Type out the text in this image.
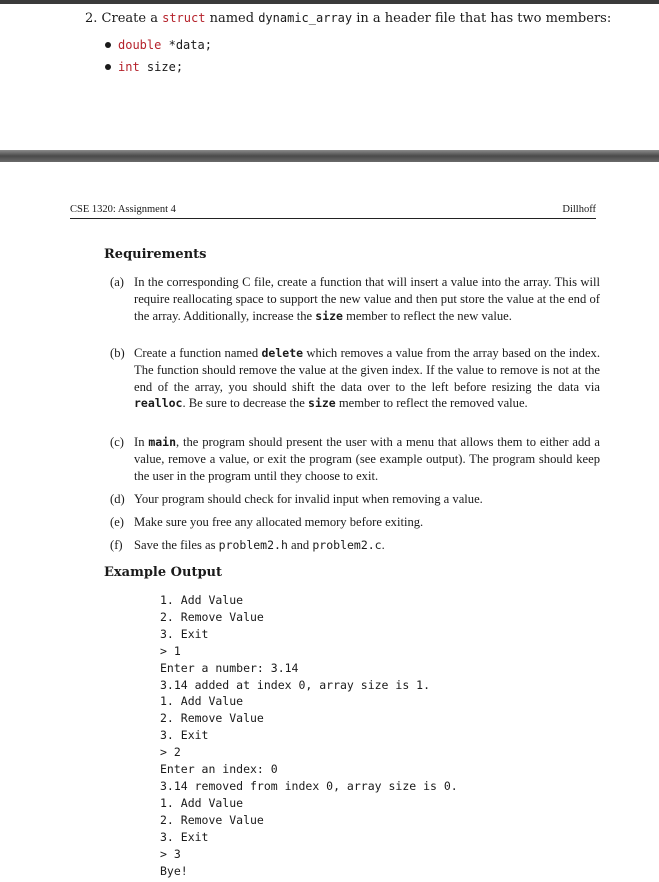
2. Create a struct named dynamic_array in a header file that has two members:
double *data;
int size;
CSE 1320: Assignment 4	Dillhoff
Requirements
(a) In the corresponding C file, create a function that will insert a value into the array. This will require reallocating space to support the new value and then put store the value at the end of the array. Additionally, increase the size member to reflect the new value.
(b) Create a function named delete which removes a value from the array based on the index. The function should remove the value at the given index. If the value to remove is not at the end of the array, you should shift the data over to the left before resizing the data via realloc. Be sure to decrease the size member to reflect the removed value.
(c) In main, the program should present the user with a menu that allows them to either add a value, remove a value, or exit the program (see example output). The program should keep the user in the program until they choose to exit.
(d) Your program should check for invalid input when removing a value.
(e) Make sure you free any allocated memory before exiting.
(f) Save the files as problem2.h and problem2.c.
Example Output
1. Add Value
2. Remove Value
3. Exit
> 1
Enter a number: 3.14
3.14 added at index 0, array size is 1.
1. Add Value
2. Remove Value
3. Exit
> 2
Enter an index: 0
3.14 removed from index 0, array size is 0.
1. Add Value
2. Remove Value
3. Exit
> 3
Bye!
